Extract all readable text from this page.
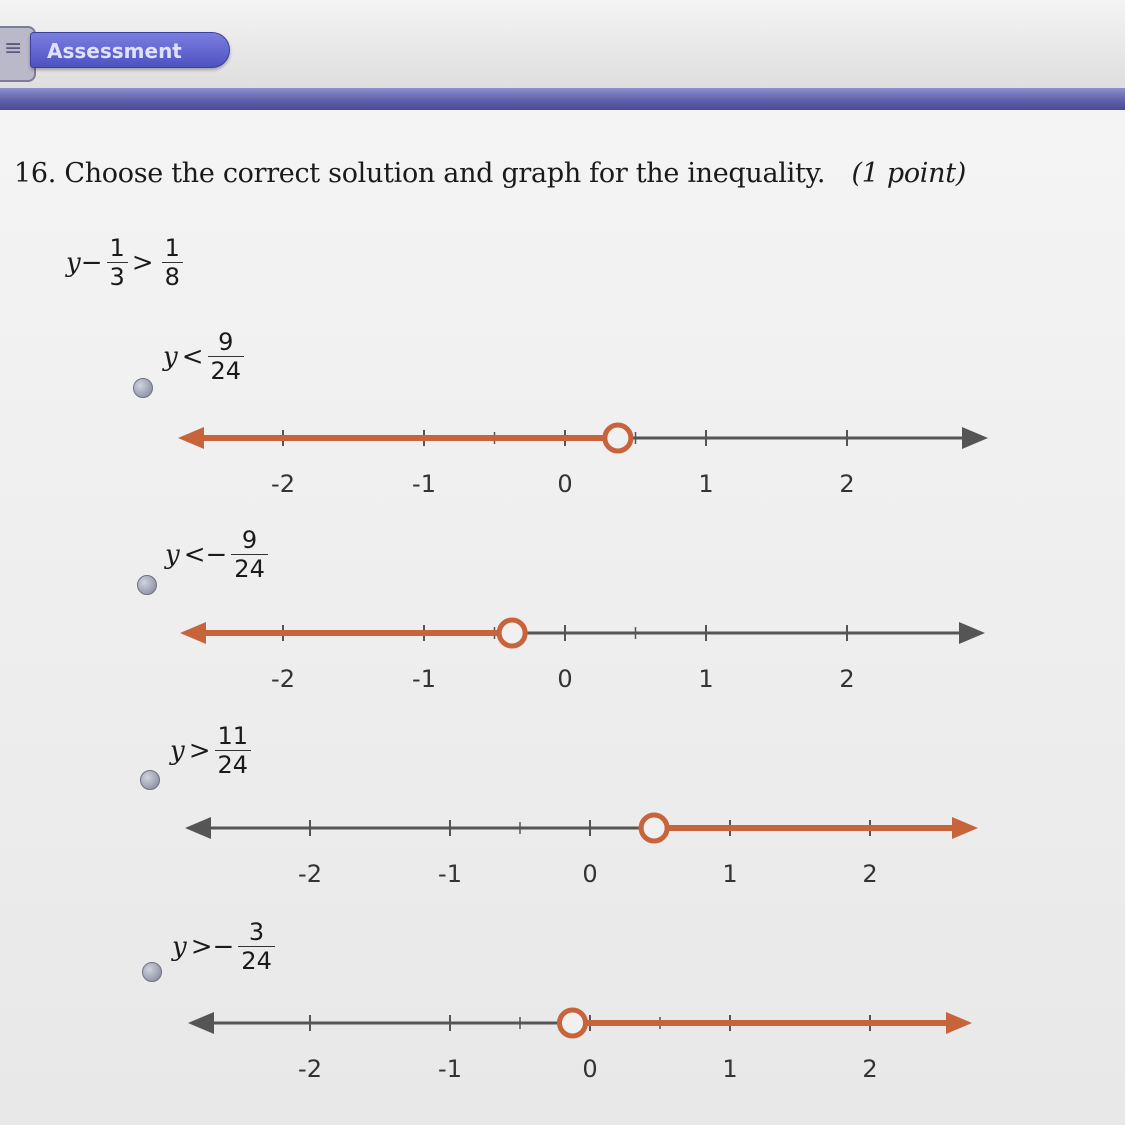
≡	Assessment
16. Choose the correct solution and graph for the inequality. (1 point)
$y - \frac{1}{3} > \frac{1}{8}$
$y < \frac{9}{24}$
-2	-1	0	1	2
y < − $\frac{9}{24}$
-2	-1	0	1	2
$y > \frac{11}{24}$
-2	-1	0	1	2
y > − $\frac{3}{24}$
-2	-1	0	1	2
